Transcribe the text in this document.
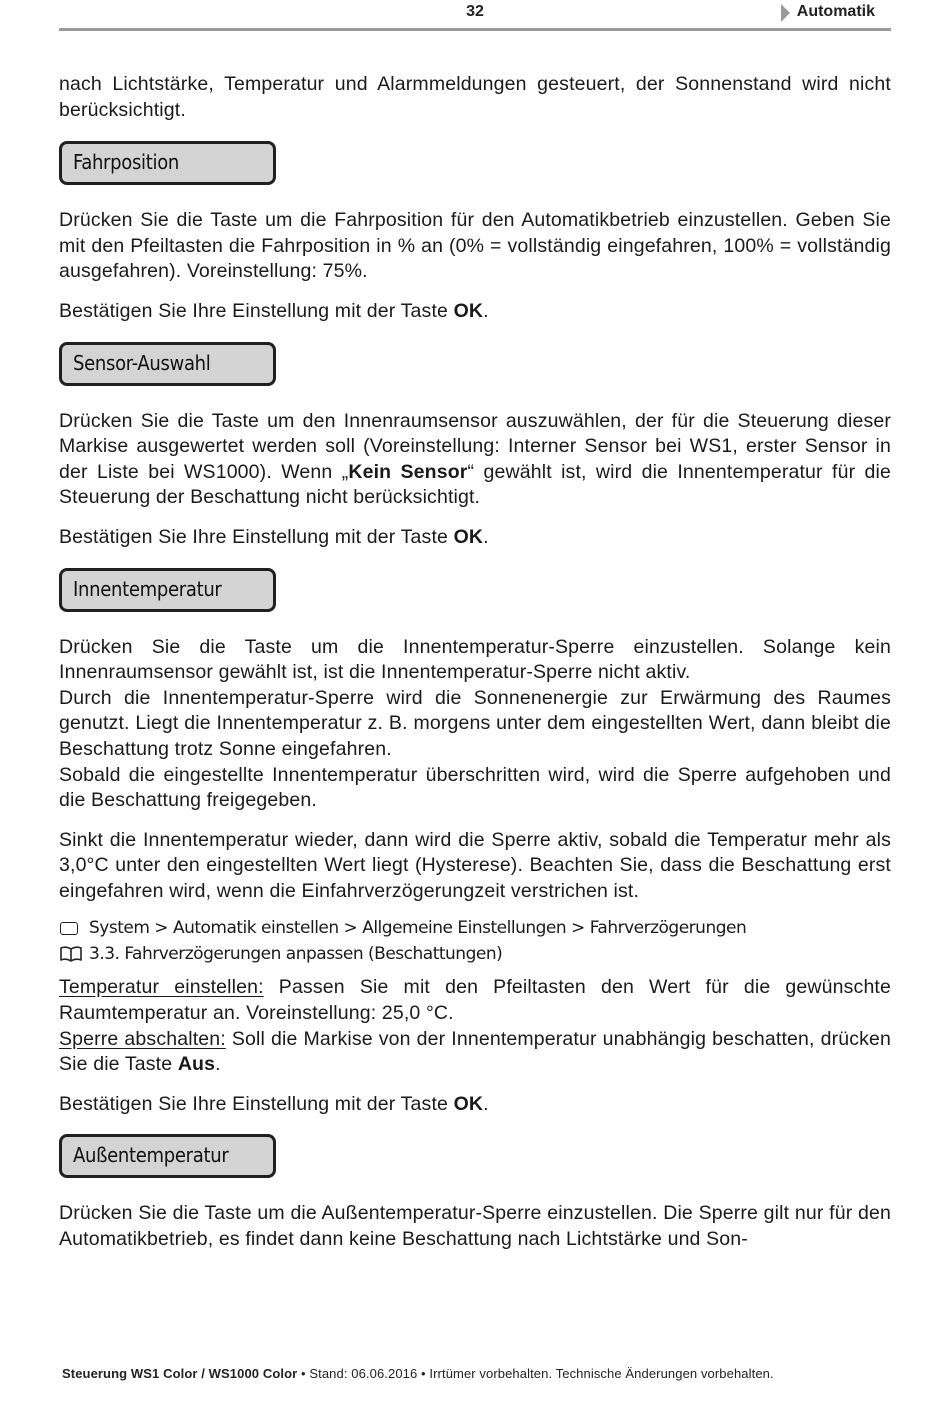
32	Automatik

nach Lichtstärke, Temperatur und Alarmmeldungen gesteuert, der Sonnenstand wird nicht berücksichtigt.

Fahrposition

Drücken Sie die Taste um die Fahrposition für den Automatikbetrieb einzustellen. Geben Sie mit den Pfeiltasten die Fahrposition in % an (0% = vollständig eingefahren, 100% = vollständig ausgefahren). Voreinstellung: 75%.

Bestätigen Sie Ihre Einstellung mit der Taste OK.

Sensor-Auswahl

Drücken Sie die Taste um den Innenraumsensor auszuwählen, der für die Steuerung dieser Markise ausgewertet werden soll (Voreinstellung: Interner Sensor bei WS1, erster Sensor in der Liste bei WS1000). Wenn „Kein Sensor“ gewählt ist, wird die Innentemperatur für die Steuerung der Beschattung nicht berücksichtigt.

Bestätigen Sie Ihre Einstellung mit der Taste OK.

Innentemperatur

Drücken Sie die Taste um die Innentemperatur-Sperre einzustellen. Solange kein Innenraumsensor gewählt ist, ist die Innentemperatur-Sperre nicht aktiv.

Durch die Innentemperatur-Sperre wird die Sonnenenergie zur Erwärmung des Raumes genutzt. Liegt die Innentemperatur z. B. morgens unter dem eingestellten Wert, dann bleibt die Beschattung trotz Sonne eingefahren.

Sobald die eingestellte Innentemperatur überschritten wird, wird die Sperre aufgehoben und die Beschattung freigegeben.

Sinkt die Innentemperatur wieder, dann wird die Sperre aktiv, sobald die Temperatur mehr als 3,0°C unter den eingestellten Wert liegt (Hysterese). Beachten Sie, dass die Beschattung erst eingefahren wird, wenn die Einfahrverzögerungzeit verstrichen ist.

System > Automatik einstellen > Allgemeine Einstellungen > Fahrverzögerungen
3.3. Fahrverzögerungen anpassen (Beschattungen)

Temperatur einstellen: Passen Sie mit den Pfeiltasten den Wert für die gewünschte Raumtemperatur an. Voreinstellung: 25,0 °C.

Sperre abschalten: Soll die Markise von der Innentemperatur unabhängig beschatten, drücken Sie die Taste Aus.

Bestätigen Sie Ihre Einstellung mit der Taste OK.

Außentemperatur

Drücken Sie die Taste um die Außentemperatur-Sperre einzustellen. Die Sperre gilt nur für den Automatikbetrieb, es findet dann keine Beschattung nach Lichtstärke und Son-

Steuerung WS1 Color / WS1000 Color • Stand: 06.06.2016 • Irrtümer vorbehalten. Technische Änderungen vorbehalten.
